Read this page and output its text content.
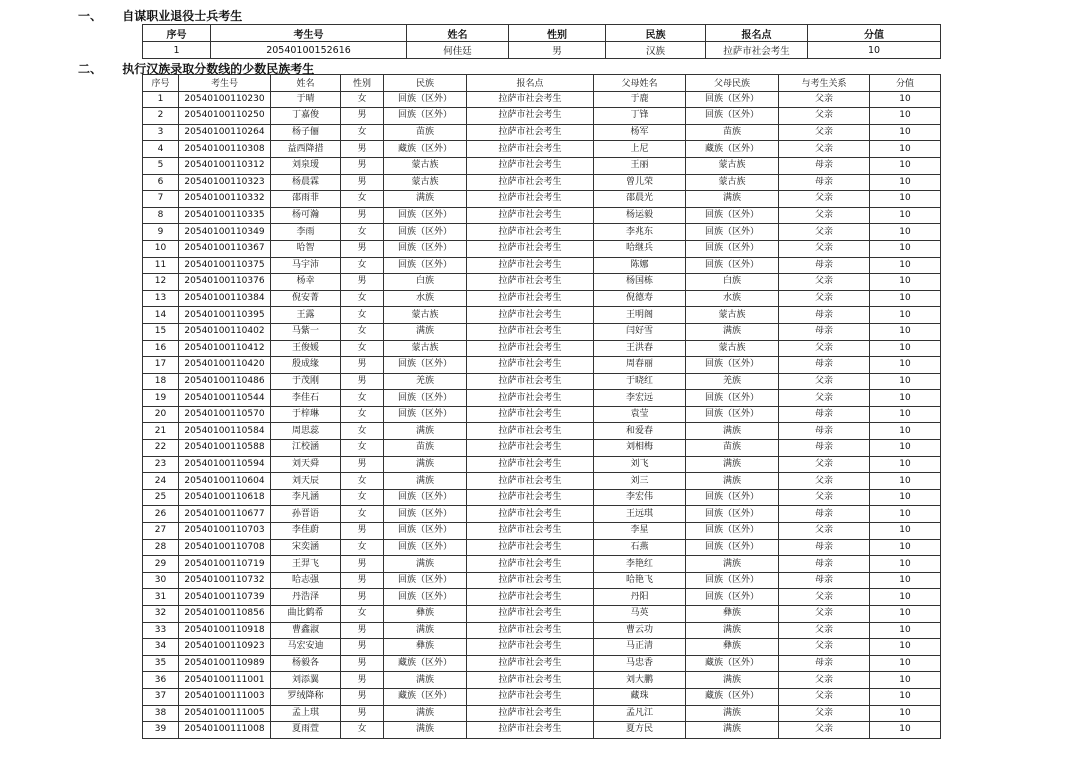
一、 自谋职业退役士兵考生
序号	考生号	姓名	性别	民族	报名点	分值
1	20540100152616	何佳廷	男	汉族	拉萨市社会考生	10
二、 执行汉族录取分数线的少数民族考生
序号	考生号	姓名	性别	民族	报名点	父母姓名	父母民族	与考生关系	分值
1	20540100110230	于晴	女	回族（区外）	拉萨市社会考生	于鹿	回族（区外）	父亲	10
2	20540100110250	丁嘉俊	男	回族（区外）	拉萨市社会考生	丁锋	回族（区外）	父亲	10
3	20540100110264	杨子俪	女	苗族	拉萨市社会考生	杨军	苗族	父亲	10
4	20540100110308	益西降措	男	藏族（区外）	拉萨市社会考生	上尼	藏族（区外）	父亲	10
5	20540100110312	刘泉瑷	男	蒙古族	拉萨市社会考生	王丽	蒙古族	母亲	10
6	20540100110323	杨晨霖	男	蒙古族	拉萨市社会考生	曾儿荣	蒙古族	母亲	10
7	20540100110332	邵雨菲	女	满族	拉萨市社会考生	邵晨光	满族	父亲	10
8	20540100110335	杨可瀚	男	回族（区外）	拉萨市社会考生	杨运毅	回族（区外）	父亲	10
9	20540100110349	李雨	女	回族（区外）	拉萨市社会考生	李兆东	回族（区外）	父亲	10
10	20540100110367	哈智	男	回族（区外）	拉萨市社会考生	哈继兵	回族（区外）	父亲	10
11	20540100110375	马宇沛	女	回族（区外）	拉萨市社会考生	陈娜	回族（区外）	母亲	10
12	20540100110376	杨幸	男	白族	拉萨市社会考生	杨国栋	白族	父亲	10
13	20540100110384	倪安菁	女	水族	拉萨市社会考生	倪德寿	水族	父亲	10
14	20540100110395	王露	女	蒙古族	拉萨市社会考生	王明阁	蒙古族	母亲	10
15	20540100110402	马紫一	女	满族	拉萨市社会考生	闫好雪	满族	母亲	10
16	20540100110412	王俊媛	女	蒙古族	拉萨市社会考生	王洪春	蒙古族	父亲	10
17	20540100110420	殷成缘	男	回族（区外）	拉萨市社会考生	周春丽	回族（区外）	母亲	10
18	20540100110486	于茂刚	男	羌族	拉萨市社会考生	于晓红	羌族	父亲	10
19	20540100110544	李佳石	女	回族（区外）	拉萨市社会考生	李宏远	回族（区外）	父亲	10
20	20540100110570	于梓琳	女	回族（区外）	拉萨市社会考生	袁莹	回族（区外）	母亲	10
21	20540100110584	周思蕊	女	满族	拉萨市社会考生	和爱春	满族	母亲	10
22	20540100110588	江校涵	女	苗族	拉萨市社会考生	刘相梅	苗族	母亲	10
23	20540100110594	刘天舜	男	满族	拉萨市社会考生	刘飞	满族	父亲	10
24	20540100110604	刘天辰	女	满族	拉萨市社会考生	刘三	满族	父亲	10
25	20540100110618	李凡涵	女	回族（区外）	拉萨市社会考生	李宏伟	回族（区外）	父亲	10
26	20540100110677	孙晋语	女	回族（区外）	拉萨市社会考生	王远琪	回族（区外）	母亲	10
27	20540100110703	李佳蔚	男	回族（区外）	拉萨市社会考生	李星	回族（区外）	父亲	10
28	20540100110708	宋奕涵	女	回族（区外）	拉萨市社会考生	石燕	回族（区外）	母亲	10
29	20540100110719	王羿飞	男	满族	拉萨市社会考生	李艳红	满族	母亲	10
30	20540100110732	哈志强	男	回族（区外）	拉萨市社会考生	哈艳飞	回族（区外）	母亲	10
31	20540100110739	丹浩泽	男	回族（区外）	拉萨市社会考生	丹阳	回族（区外）	父亲	10
32	20540100110856	曲比鹤希	女	彝族	拉萨市社会考生	马英	彝族	父亲	10
33	20540100110918	曹鑫淑	男	满族	拉萨市社会考生	曹云功	满族	父亲	10
34	20540100110923	马宏安迪	男	彝族	拉萨市社会考生	马正清	彝族	父亲	10
35	20540100110989	杨毅各	男	藏族（区外）	拉萨市社会考生	马忠香	藏族（区外）	母亲	10
36	20540100111001	刘添翼	男	满族	拉萨市社会考生	刘大鹏	满族	父亲	10
37	20540100111003	罗绒降称	男	藏族（区外）	拉萨市社会考生	藏珠	藏族（区外）	父亲	10
38	20540100111005	孟上琪	男	满族	拉萨市社会考生	孟凡江	满族	父亲	10
39	20540100111008	夏雨萱	女	满族	拉萨市社会考生	夏方民	满族	父亲	10
